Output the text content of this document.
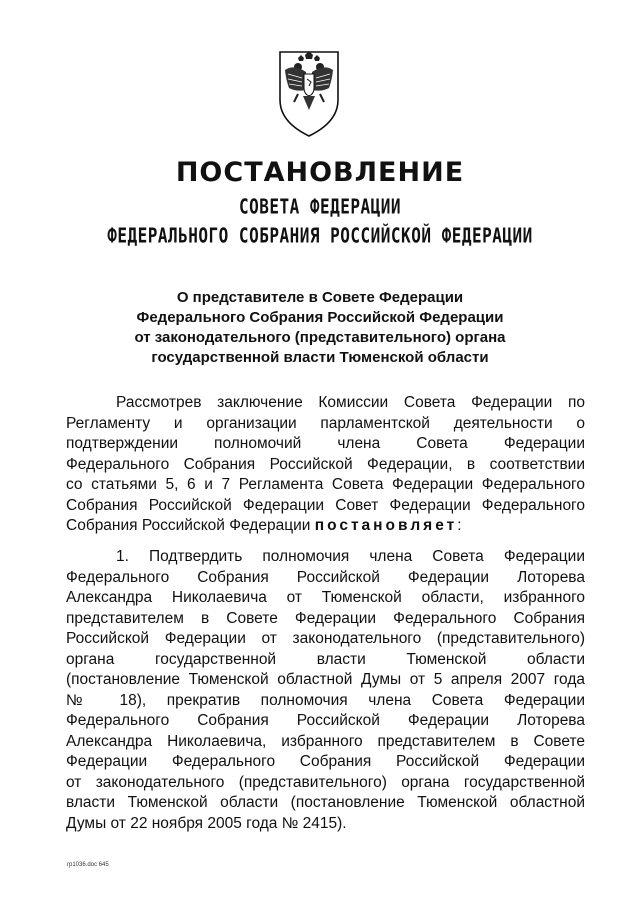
ПОСТАНОВЛЕНИЕ
СОВЕТА ФЕДЕРАЦИИ
ФЕДЕРАЛЬНОГО СОБРАНИЯ РОССИЙСКОЙ ФЕДЕРАЦИИ
О представителе в Совете Федерации
Федерального Собрания Российской Федерации
от законодательного (представительного) органа
государственной власти Тюменской области
Рассмотрев заключение Комиссии Совета Федерации по
Регламенту и организации парламентской деятельности о
подтверждении полномочий члена Совета Федерации
Федерального Собрания Российской Федерации, в соответствии
со статьями 5, 6 и 7 Регламента Совета Федерации Федерального
Собрания Российской Федерации Совет Федерации Федерального
Собрания Российской Федерации постановляет:
1. Подтвердить полномочия члена Совета Федерации
Федерального Собрания Российской Федерации Лоторева
Александра Николаевича от Тюменской области, избранного
представителем в Совете Федерации Федерального Собрания
Российской Федерации от законодательного (представительного)
органа государственной власти Тюменской области
(постановление Тюменской областной Думы от 5 апреля 2007 года
№ 18), прекратив полномочия члена Совета Федерации
Федерального Собрания Российской Федерации Лоторева
Александра Николаевича, избранного представителем в Совете
Федерации Федерального Собрания Российской Федерации
от законодательного (представительного) органа государственной
власти Тюменской области (постановление Тюменской областной
Думы от 22 ноября 2005 года № 2415).
rp1036.doc 645
